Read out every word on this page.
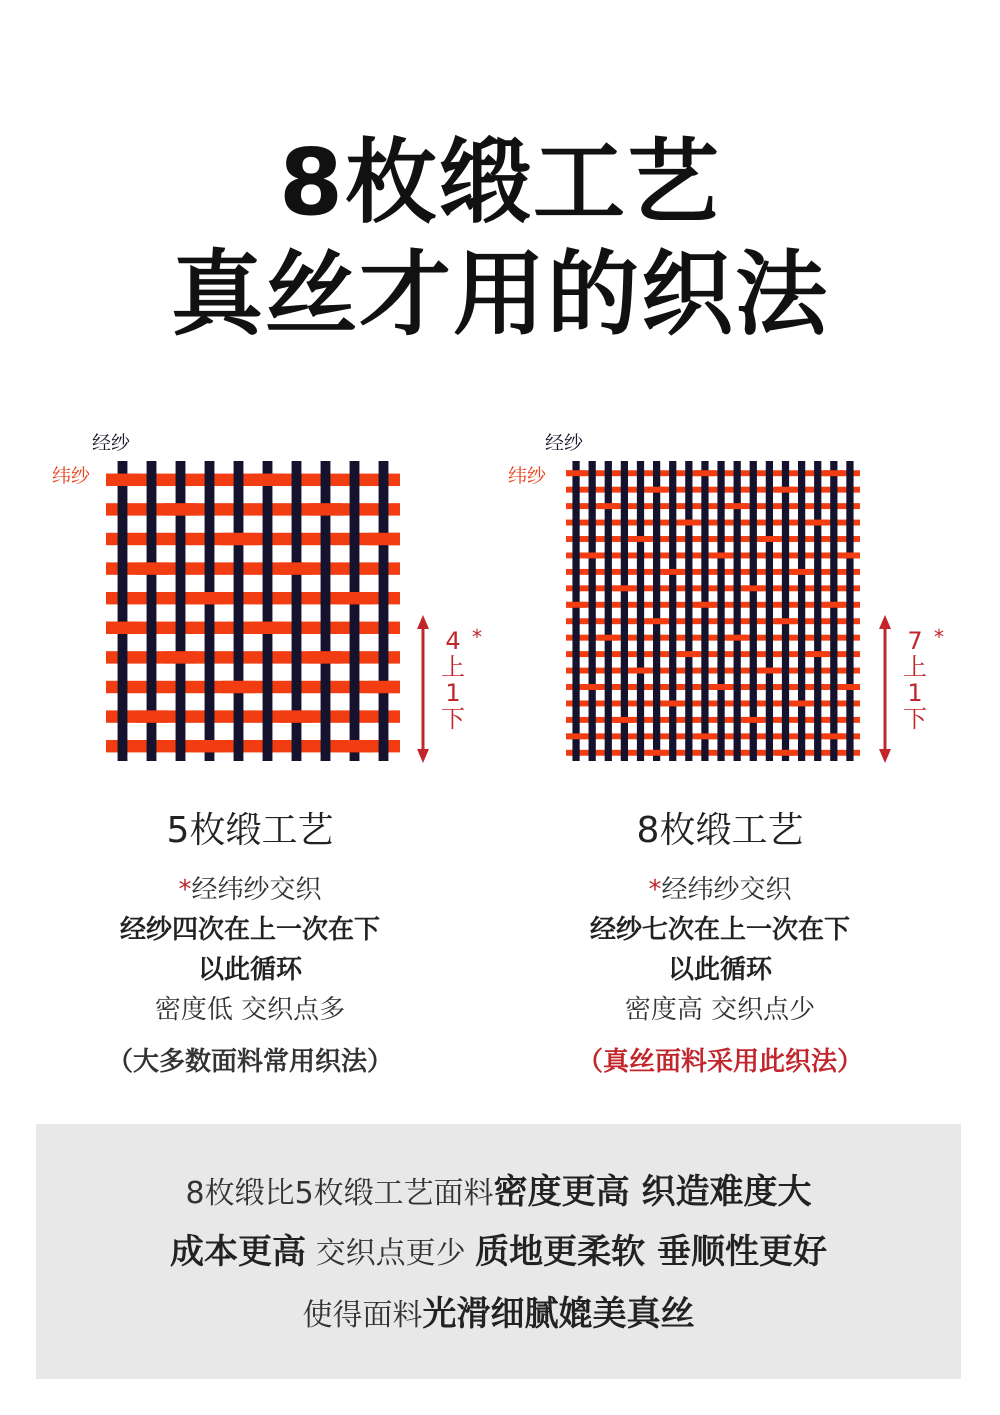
8枚缎工艺
真丝才用的织法
经纱
纬纱
4
上
1
下
*
经纱
纬纱
7
上
1
下
*
5枚缎工艺
*经纬纱交织
经纱四次在上一次在下
以此循环
密度低 交织点多
（大多数面料常用织法）
8枚缎工艺
*经纬纱交织
经纱七次在上一次在下
以此循环
密度高 交织点少
（真丝面料采用此织法）
8枚缎比5枚缎工艺面料密度更高 织造难度大
成本更高 交织点更少 质地更柔软 垂顺性更好
使得面料光滑细腻媲美真丝
